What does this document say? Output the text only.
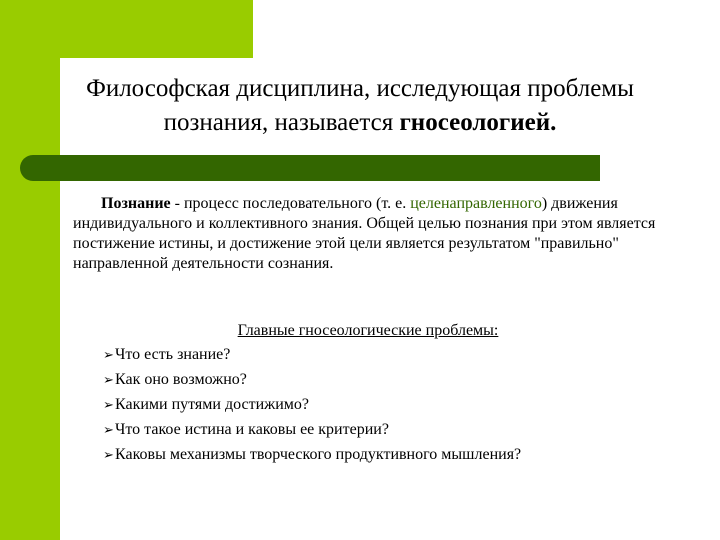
Философская дисциплина, исследующая проблемы
познания, называется гносеологией.
Познание - процесс последовательного (т. е. целенаправленного) движения индивидуального и коллективного знания. Общей целью познания при этом является постижение истины, и достижение этой цели является результатом "правильно" направленной деятельности сознания.
Главные гносеологические проблемы:
➢Что есть знание?
➢Как оно возможно?
➢Какими путями достижимо?
➢Что такое истина и каковы ее критерии?
➢Каковы механизмы творческого продуктивного мышления?
